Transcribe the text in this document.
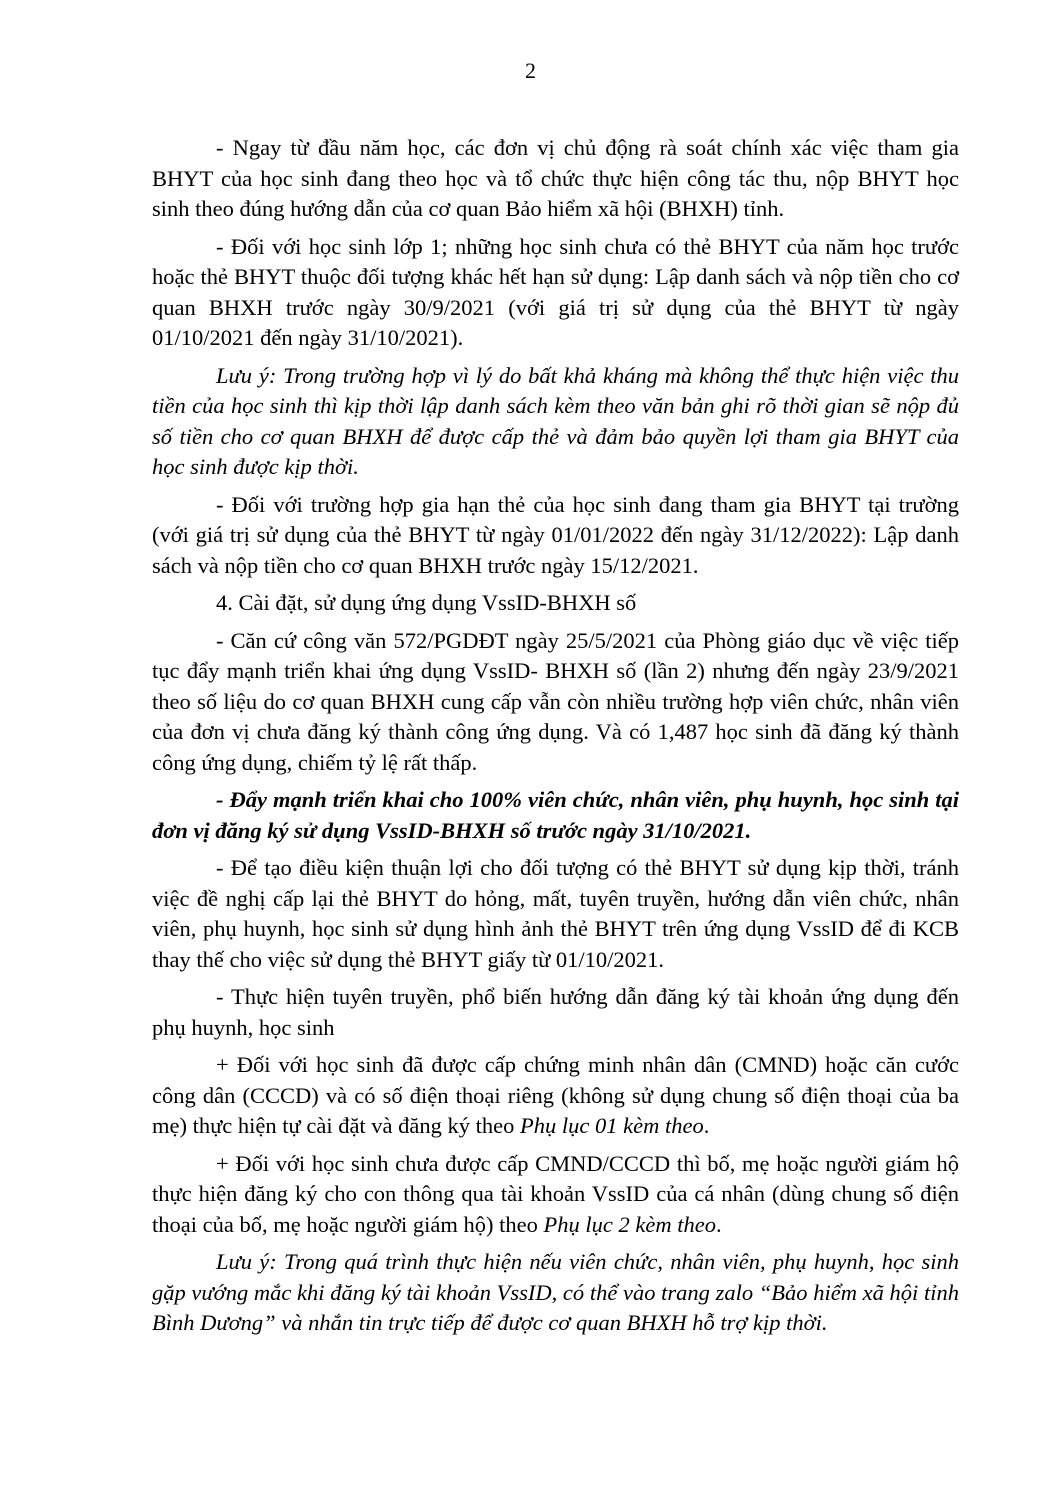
2

- Ngay từ đầu năm học, các đơn vị chủ động rà soát chính xác việc tham gia BHYT của học sinh đang theo học và tổ chức thực hiện công tác thu, nộp BHYT học sinh theo đúng hướng dẫn của cơ quan Bảo hiểm xã hội (BHXH) tỉnh.

- Đối với học sinh lớp 1; những học sinh chưa có thẻ BHYT của năm học trước hoặc thẻ BHYT thuộc đối tượng khác hết hạn sử dụng: Lập danh sách và nộp tiền cho cơ quan BHXH trước ngày 30/9/2021 (với giá trị sử dụng của thẻ BHYT từ ngày 01/10/2021 đến ngày 31/10/2021).

Lưu ý: Trong trường hợp vì lý do bất khả kháng mà không thể thực hiện việc thu tiền của học sinh thì kịp thời lập danh sách kèm theo văn bản ghi rõ thời gian sẽ nộp đủ số tiền cho cơ quan BHXH để được cấp thẻ và đảm bảo quyền lợi tham gia BHYT của học sinh được kịp thời.

- Đối với trường hợp gia hạn thẻ của học sinh đang tham gia BHYT tại trường (với giá trị sử dụng của thẻ BHYT từ ngày 01/01/2022 đến ngày 31/12/2022): Lập danh sách và nộp tiền cho cơ quan BHXH trước ngày 15/12/2021.

4. Cài đặt, sử dụng ứng dụng VssID-BHXH số

- Căn cứ công văn 572/PGDĐT ngày 25/5/2021 của Phòng giáo dục về việc tiếp tục đẩy mạnh triển khai ứng dụng VssID- BHXH số (lần 2) nhưng đến ngày 23/9/2021 theo số liệu do cơ quan BHXH cung cấp vẫn còn nhiều trường hợp viên chức, nhân viên của đơn vị chưa đăng ký thành công ứng dụng. Và có 1,487 học sinh đã đăng ký thành công ứng dụng, chiếm tỷ lệ rất thấp.

- Đẩy mạnh triển khai cho 100% viên chức, nhân viên, phụ huynh, học sinh tại đơn vị đăng ký sử dụng VssID-BHXH số trước ngày 31/10/2021.

- Để tạo điều kiện thuận lợi cho đối tượng có thẻ BHYT sử dụng kịp thời, tránh việc đề nghị cấp lại thẻ BHYT do hỏng, mất, tuyên truyền, hướng dẫn viên chức, nhân viên, phụ huynh, học sinh sử dụng hình ảnh thẻ BHYT trên ứng dụng VssID để đi KCB thay thế cho việc sử dụng thẻ BHYT giấy từ 01/10/2021.

- Thực hiện tuyên truyền, phổ biến hướng dẫn đăng ký tài khoản ứng dụng đến phụ huynh, học sinh

+ Đối với học sinh đã được cấp chứng minh nhân dân (CMND) hoặc căn cước công dân (CCCD) và có số điện thoại riêng (không sử dụng chung số điện thoại của ba mẹ) thực hiện tự cài đặt và đăng ký theo Phụ lục 01 kèm theo.

+ Đối với học sinh chưa được cấp CMND/CCCD thì bố, mẹ hoặc người giám hộ thực hiện đăng ký cho con thông qua tài khoản VssID của cá nhân (dùng chung số điện thoại của bố, mẹ hoặc người giám hộ) theo Phụ lục 2 kèm theo.

Lưu ý: Trong quá trình thực hiện nếu viên chức, nhân viên, phụ huynh, học sinh gặp vướng mắc khi đăng ký tài khoản VssID, có thể vào trang zalo “Bảo hiểm xã hội tỉnh Bình Dương” và nhắn tin trực tiếp để được cơ quan BHXH hỗ trợ kịp thời.
